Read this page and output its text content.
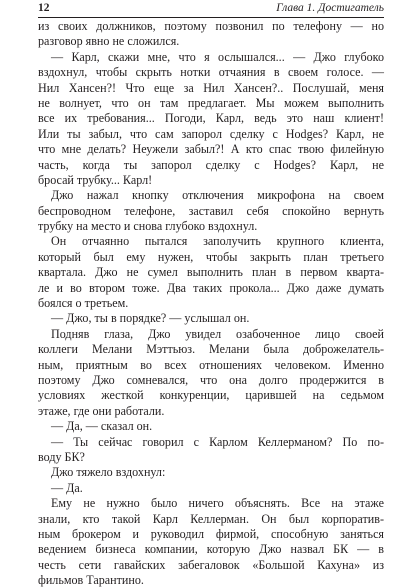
12	Глава 1. Достигатель
из своих должников, поэтому позвонил по телефону — но
разговор явно не сложился.
— Карл, скажи мне, что я ослышался... — Джо глубоко
вздохнул, чтобы скрыть нотки отчаяния в своем голосе. —
Нил Хансен?! Что еще за Нил Хансен?.. Послушай, меня
не волнует, что он там предлагает. Мы можем выполнить
все их требования... Погоди, Карл, ведь это наш клиент!
Или ты забыл, что сам запорол сделку с Hodges? Карл, не
что мне делать? Неужели забыл?! А кто спас твою филейную
часть, когда ты запорол сделку с Hodges? Карл, не
бросай трубку... Карл!
Джо нажал кнопку отключения микрофона на своем
беспроводном телефоне, заставил себя спокойно вернуть
трубку на место и снова глубоко вздохнул.
Он отчаянно пытался заполучить крупного клиента,
который был ему нужен, чтобы закрыть план третьего
квартала. Джо не сумел выполнить план в первом кварта-
ле и во втором тоже. Два таких прокола... Джо даже думать
боялся о третьем.
— Джо, ты в порядке? — услышал он.
Подняв глаза, Джо увидел озабоченное лицо своей
коллеги Мелани Мэттьюз. Мелани была доброжелатель-
ным, приятным во всех отношениях человеком. Именно
поэтому Джо сомневался, что она долго продержится в
условиях жесткой конкуренции, царившей на седьмом
этаже, где они работали.
— Да, — сказал он.
— Ты сейчас говорил с Карлом Келлерманом? По по-
воду БК?
Джо тяжело вздохнул:
— Да.
Ему не нужно было ничего объяснять. Все на этаже
знали, кто такой Карл Келлерман. Он был корпоратив-
ным брокером и руководил фирмой, способную заняться
ведением бизнеса компании, которую Джо назвал БК — в
честь сети гавайских забегаловок «Большой Кахуна» из
фильмов Тарантино.
